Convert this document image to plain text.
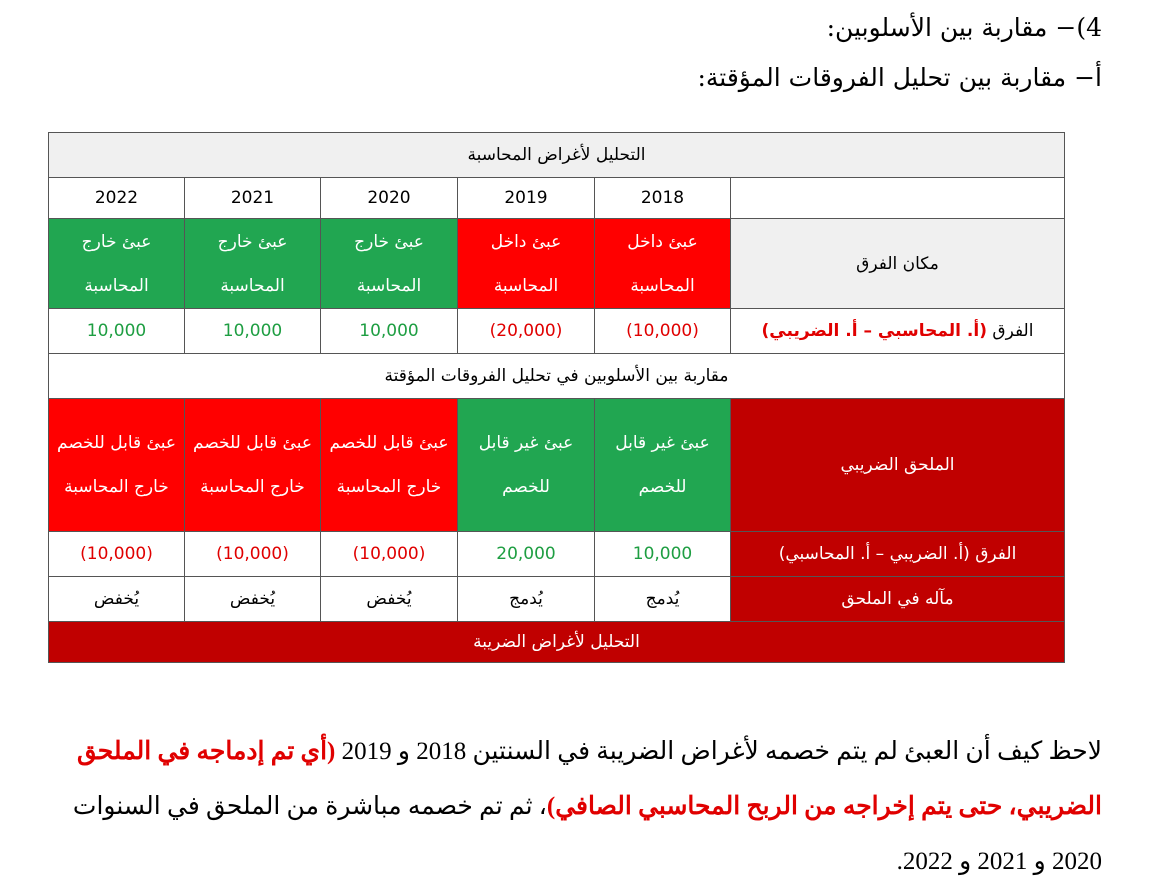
4)− مقاربة بين الأسلوبين:
أ− مقاربة بين تحليل الفروقات المؤقتة:
التحليل لأغراض المحاسبة					
	2018	2019	2020	2021	2022
مكان الفرق	عبئ داخل المحاسبة	عبئ داخل المحاسبة	عبئ خارج المحاسبة	عبئ خارج المحاسبة	عبئ خارج المحاسبة
الفرق (أ. المحاسبي – أ. الضريبي)	(10,000)	(20,000)	10,000	10,000	10,000
مقاربة بين الأسلوبين في تحليل الفروقات المؤقتة					
الملحق الضريبي	عبئ غير قابل للخصم	عبئ غير قابل للخصم	عبئ قابل للخصم خارج المحاسبة	عبئ قابل للخصم خارج المحاسبة	عبئ قابل للخصم خارج المحاسبة
الفرق (أ. الضريبي – أ. المحاسبي)	10,000	20,000	(10,000)	(10,000)	(10,000)
مآله في الملحق	يُدمج	يُدمج	يُخفض	يُخفض	يُخفض
التحليل لأغراض الضريبة					
لاحظ كيف أن العبئ لم يتم خصمه لأغراض الضريبة في السنتين 2018 و 2019 (أي تم إدماجه في الملحق الضريبي، حتى يتم إخراجه من الربح المحاسبي الصافي)، ثم تم خصمه مباشرة من الملحق في السنوات 2020 و 2021 و 2022.
